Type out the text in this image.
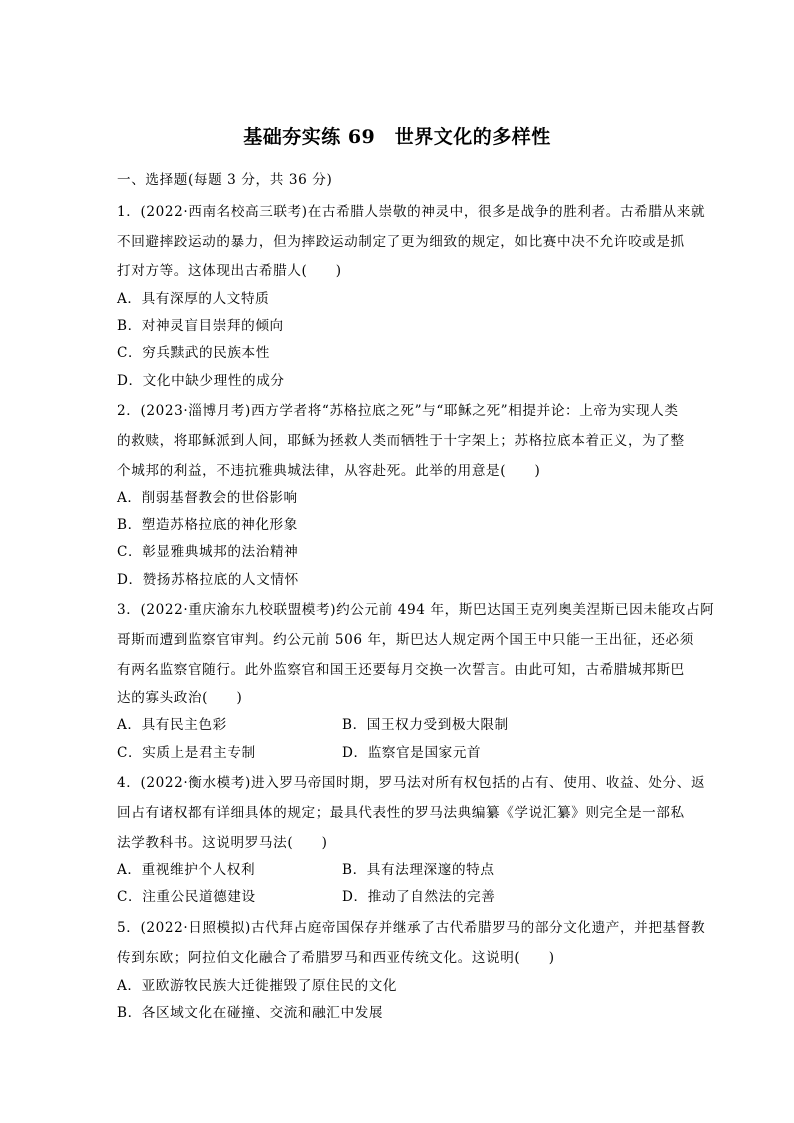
基础夯实练 69　世界文化的多样性
一、选择题(每题 3 分，共 36 分)
1．(2022·西南名校高三联考)在古希腊人崇敬的神灵中，很多是战争的胜利者。古希腊从来就
不回避摔跤运动的暴力，但为摔跤运动制定了更为细致的规定，如比赛中决不允许咬或是抓
打对方等。这体现出古希腊人(　　)
A．具有深厚的人文特质
B．对神灵盲目崇拜的倾向
C．穷兵黩武的民族本性
D．文化中缺少理性的成分
2．(2023·淄博月考)西方学者将“苏格拉底之死”与“耶稣之死”相提并论：上帝为实现人类
的救赎，将耶稣派到人间，耶稣为拯救人类而牺牲于十字架上；苏格拉底本着正义，为了整
个城邦的利益，不违抗雅典城法律，从容赴死。此举的用意是(　　)
A．削弱基督教会的世俗影响
B．塑造苏格拉底的神化形象
C．彰显雅典城邦的法治精神
D．赞扬苏格拉底的人文情怀
3．(2022·重庆渝东九校联盟模考)约公元前 494 年，斯巴达国王克列奥美涅斯已因未能攻占阿
哥斯而遭到监察官审判。约公元前 506 年，斯巴达人规定两个国王中只能一王出征，还必须
有两名监察官随行。此外监察官和国王还要每月交换一次誓言。由此可知，古希腊城邦斯巴
达的寡头政治(　　)
A．具有民主色彩	B．国王权力受到极大限制
C．实质上是君主专制	D．监察官是国家元首
4．(2022·衡水模考)进入罗马帝国时期，罗马法对所有权包括的占有、使用、收益、处分、返
回占有诸权都有详细具体的规定；最具代表性的罗马法典编纂《学说汇纂》则完全是一部私
法学教科书。这说明罗马法(　　)
A．重视维护个人权利	B．具有法理深邃的特点
C．注重公民道德建设	D．推动了自然法的完善
5．(2022·日照模拟)古代拜占庭帝国保存并继承了古代希腊罗马的部分文化遗产，并把基督教
传到东欧；阿拉伯文化融合了希腊罗马和西亚传统文化。这说明(　　)
A．亚欧游牧民族大迁徙摧毁了原住民的文化
B．各区域文化在碰撞、交流和融汇中发展
